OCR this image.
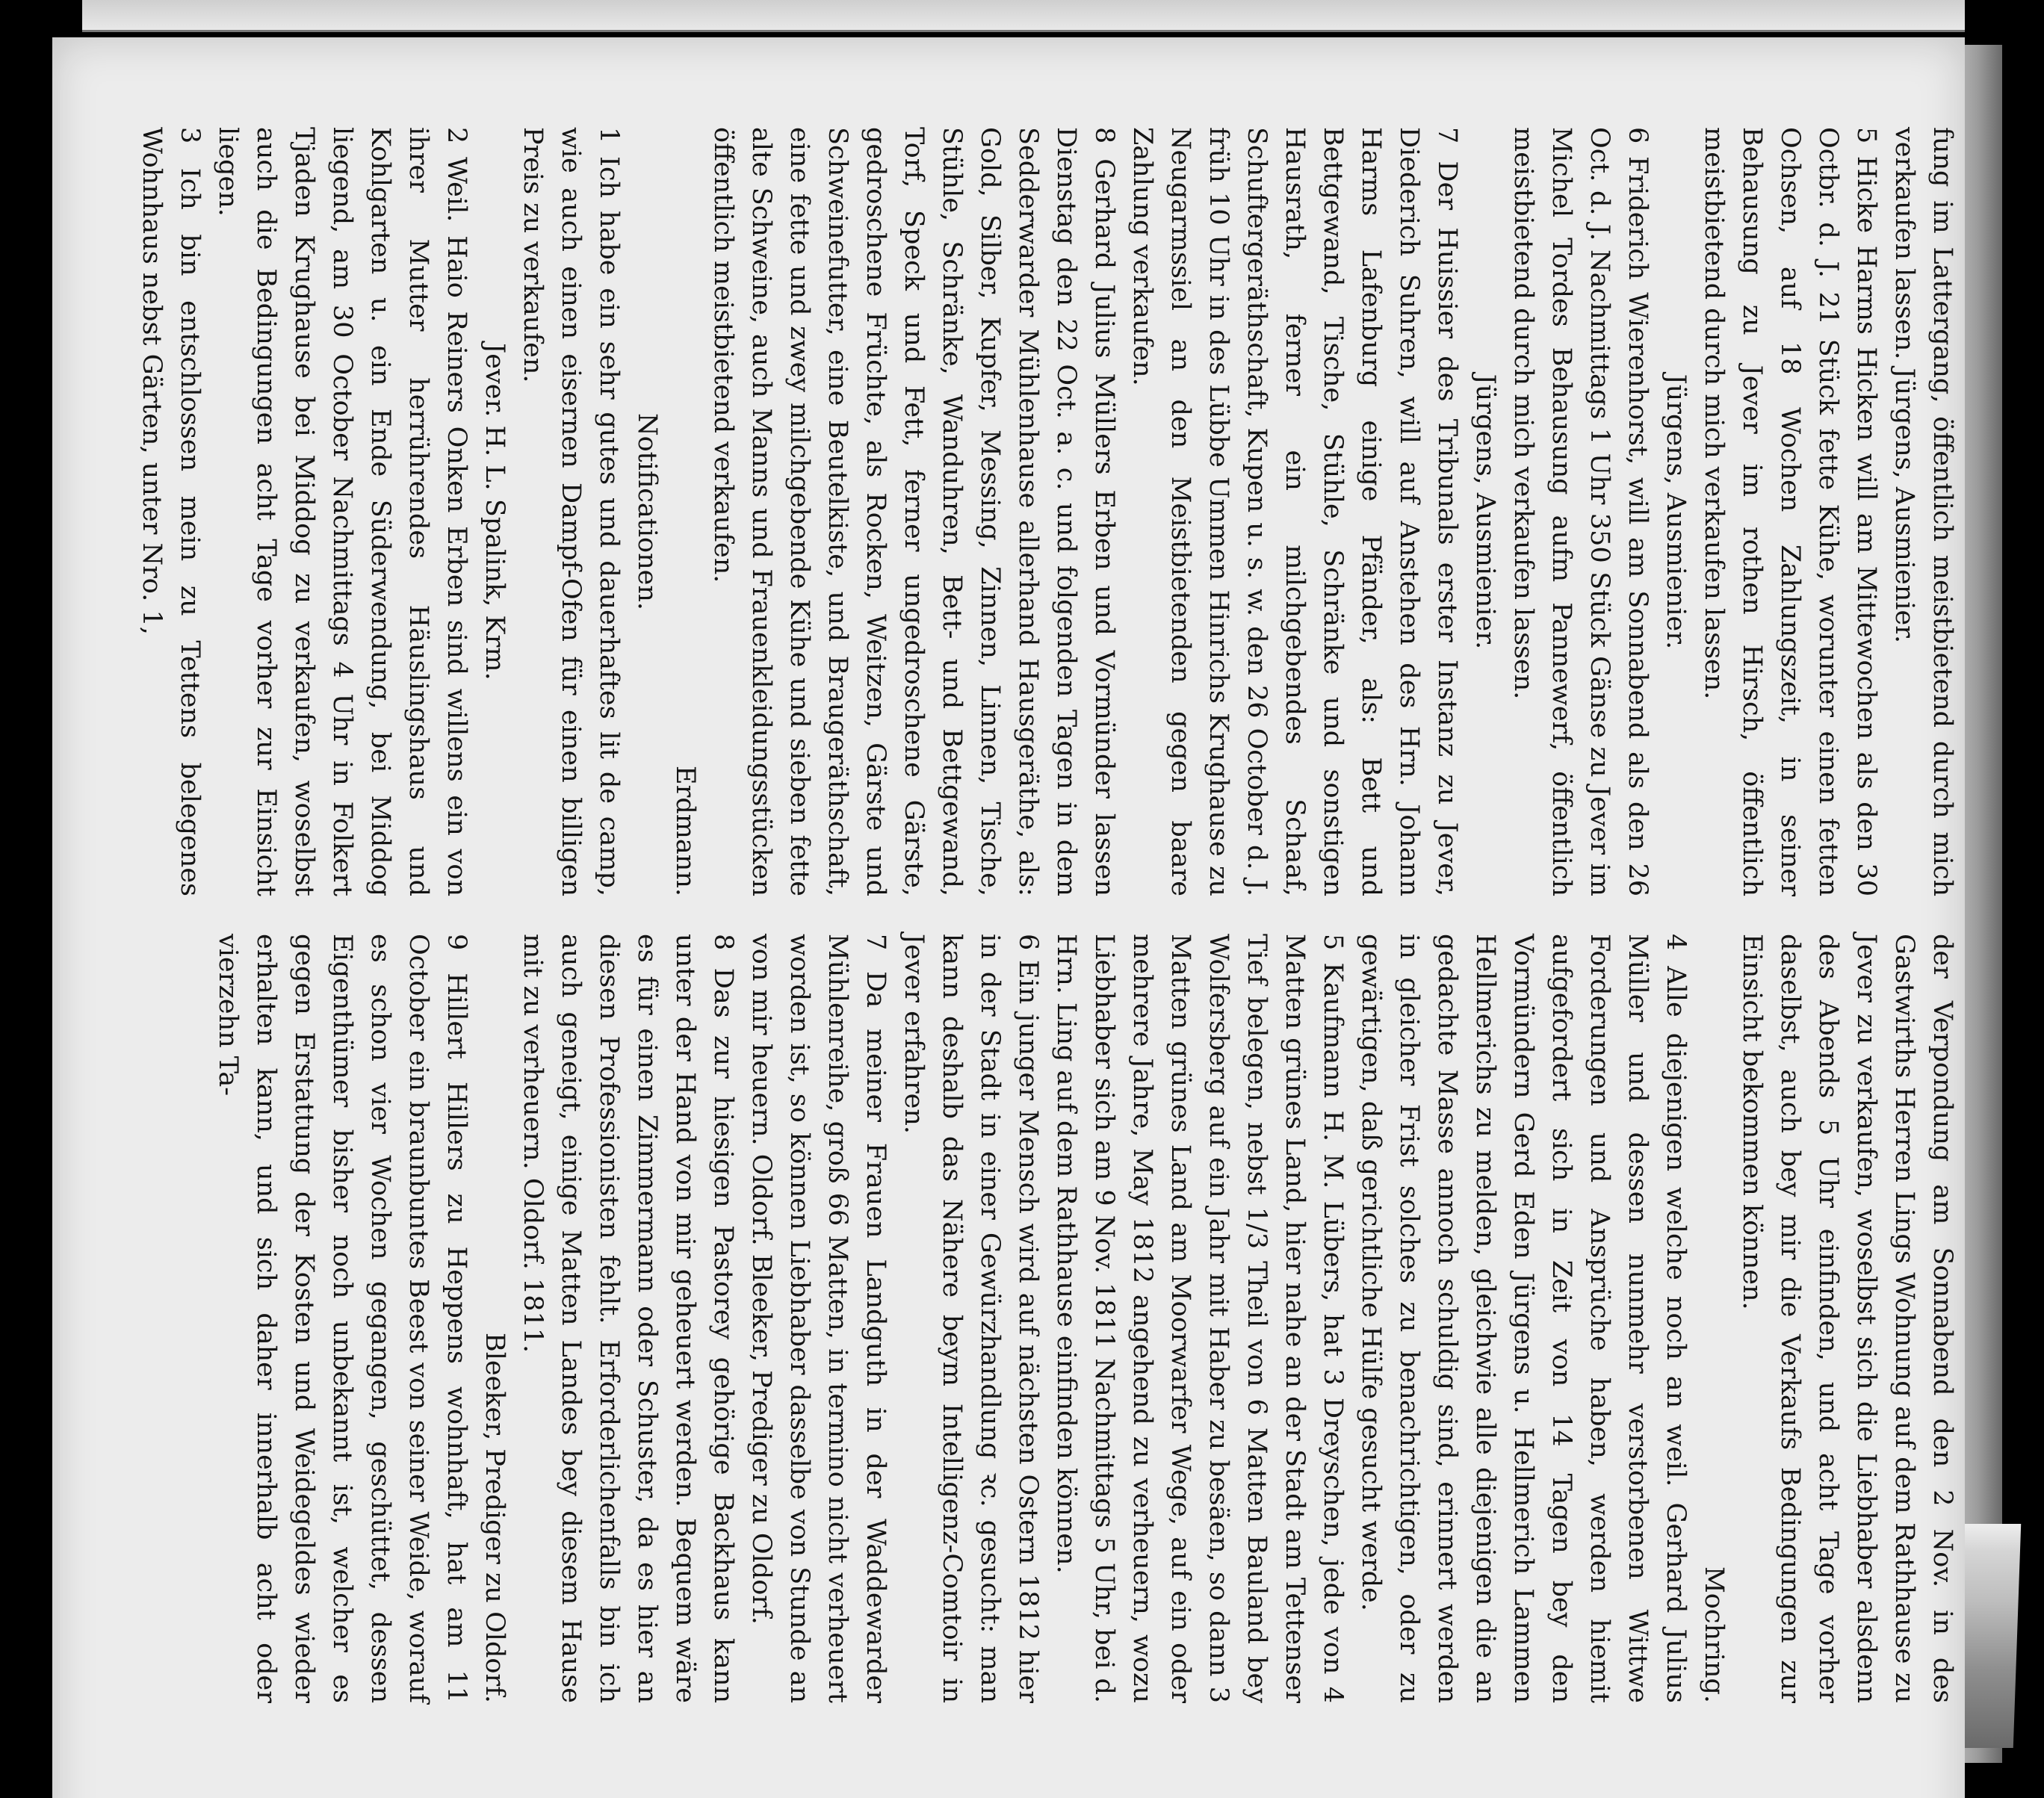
fung im Lattergang, öffentlich meistbietend durch mich verkaufen lassen. Jürgens, Ausmienier.

5 Hicke Harms Hicken will am Mittewochen als den 30 Octbr. d. J. 21 Stück fette Kühe, worunter einen fetten Ochsen, auf 18 Wochen Zahlungszeit, in seiner Behausung zu Jever im rothen Hirsch, öffentlich meistbietend durch mich verkaufen lassen.

Jürgens, Ausmienier.

6 Friderich Wierenhorst, will am Sonnabend als den 26 Oct. d. J. Nachmittags 1 Uhr 350 Stück Gänse zu Jever im Michel Tordes Behausung aufm Pannewerf, öffentlich meistbietend durch mich verkaufen lassen.

Jürgens, Ausmienier.

7 Der Huissier des Tribunals erster Instanz zu Jever, Diederich Suhren, will auf Anstehen des Hrn. Johann Harms Lafenburg einige Pfänder, als: Bett und Bettgewand, Tische, Stühle, Schränke und sonstigen Hausrath, ferner ein milchgebendes Schaaf, Schuftergeräthschaft, Kupen u. s. w. den 26 October d. J. früh 10 Uhr in des Lübbe Ummen Hinrichs Krughause zu Neugarmssiel an den Meistbietenden gegen baare Zahlung verkaufen.

8 Gerhard Julius Müllers Erben und Vormünder lassen Dienstag den 22 Oct. a. c. und folgenden Tagen in dem Sedderwarder Mühlenhause allerhand Hausgeräthe, als: Gold, Silber, Kupfer, Messing, Zinnen, Linnen, Tische, Stühle, Schränke, Wanduhren, Bett- und Bettgewand, Torf, Speck und Fett, ferner ungedroschene Gärste, gedroschene Früchte, als Rocken, Weitzen, Gärste und Schweinefutter, eine Beutelkiste, und Braugeräthschaft, eine fette und zwey milchgebende Kühe und sieben fette alte Schweine, auch Manns und Frauenkleidungsstücken öffentlich meistbietend verkaufen.

Erdmann.

Notificationen.

1 Ich habe ein sehr gutes und dauerhaftes lit de camp, wie auch einen eisernen Dampf-Ofen für einen billigen Preis zu verkaufen.

Jever. H. L. Spalink, Krm.

2 Weil. Haio Reiners Onken Erben sind willens ein von ihrer Mutter herrührendes Häuslingshaus und Kohlgarten u. ein Ende Süderwendung, bei Middog liegend, am 30 October Nachmittags 4 Uhr in Folkert Tjaden Krughause bei Middog zu verkaufen, woselbst auch die Bedingungen acht Tage vorher zur Einsicht liegen.

3 Ich bin entschlossen mein zu Tettens belegenes Wohnhaus nebst Gärten, unter Nro. 1,

der Verpondung am Sonnabend den 2 Nov. in des Gastwirths Herren Lings Wohnung auf dem Rathhause zu Jever zu verkaufen, woselbst sich die Liebhaber alsdenn des Abends 5 Uhr einfinden, und acht Tage vorher daselbst, auch bey mir die Verkaufs Bedingungen zur Einsicht bekommen können.

Mochring.

4 Alle diejenigen welche noch an weil. Gerhard Julius Müller und dessen nunmehr verstorbenen Wittwe Forderungen und Ansprüche haben, werden hiemit aufgefordert sich in Zeit von 14 Tagen bey den Vormündern Gerd Eden Jürgens u. Hellmerich Lammen Hellmerichs zu melden, gleichwie alle diejenigen die an gedachte Masse annoch schuldig sind, erinnert werden in gleicher Frist solches zu benachrichtigen, oder zu gewärtigen, daß gerichtliche Hülfe gesucht werde.

5 Kaufmann H. M. Lübers, hat 3 Dreyschen, jede von 4 Matten grünes Land, hier nahe an der Stadt am Tettenser Tief belegen, nebst 1/3 Theil von 6 Matten Bauland bey Wolfersberg auf ein Jahr mit Haber zu besäen, so dann 3 Matten grünes Land am Moorwarfer Wege, auf ein oder mehrere Jahre, May 1812 angehend zu verheuern, wozu Liebhaber sich am 9 Nov. 1811 Nachmittags 5 Uhr, bei d. Hrn. Ling auf dem Rathhause einfinden können.

6 Ein junger Mensch wird auf nächsten Ostern 1812 hier in der Stadt in einer Gewürzhandlung ꝛc. gesucht: man kann deshalb das Nähere beym Intelligenz-Comtoir in Jever erfahren.

7 Da meiner Frauen Landguth in der Waddewarder Mühlenreihe, groß 66 Matten, in termino nicht verheuert worden ist, so können Liebhaber dasselbe von Stunde an von mir heuern. Oldorf. Bleeker, Prediger zu Oldorf.

8 Das zur hiesigen Pastorey gehörige Backhaus kann unter der Hand von mir geheuert werden. Bequem wäre es für einen Zimmermann oder Schuster, da es hier an diesen Professionisten fehlt. Erforderlichenfalls bin ich auch geneigt, einige Matten Landes bey diesem Hause mit zu verheuern. Oldorf. 1811.

Bleeker, Prediger zu Oldorf.

9 Hillert Hillers zu Heppens wohnhaft, hat am 11 October ein braunbuntes Beest von seiner Weide, worauf es schon vier Wochen gegangen, geschüttet, dessen Eigenthümer bisher noch unbekannt ist, welcher es gegen Erstattung der Kosten und Weidegeldes wieder erhalten kann, und sich daher innerhalb acht oder vierzehn Ta-
